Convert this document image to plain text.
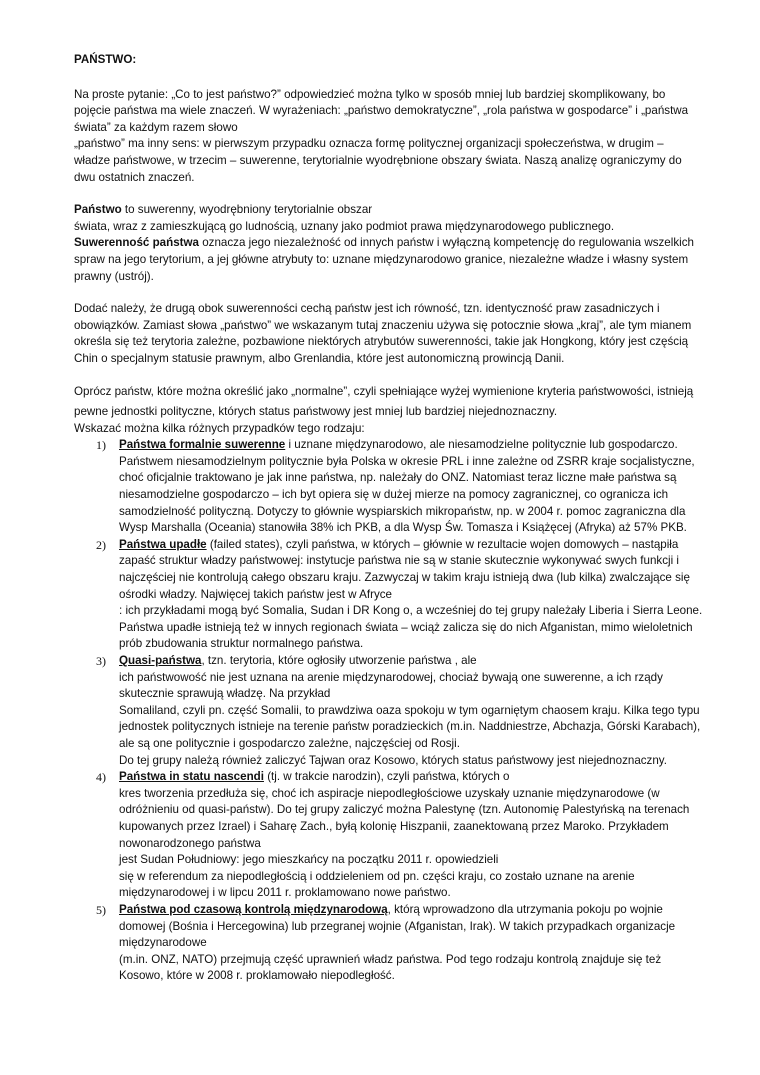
PAŃSTWO:

Na proste pytanie: „Co to jest państwo?” odpowiedzieć można tylko w sposób mniej lub bardziej skomplikowany, bo
pojęcie państwa ma wiele znaczeń. W wyrażeniach: „państwo demokratyczne”, „rola państwa w gospodarce” i „państwa
świata” za każdym razem słowo
„państwo” ma inny sens: w pierwszym przypadku oznacza formę politycznej organizacji społeczeństwa, w drugim –
władze państwowe, w trzecim – suwerenne, terytorialnie wyodrębnione obszary świata. Naszą analizę ograniczymy do
dwu ostatnich znaczeń.
Państwo to suwerenny, wyodrębniony terytorialnie obszar
świata, wraz z zamieszkującą go ludnością, uznany jako podmiot prawa międzynarodowego publicznego.
Suwerenność państwa oznacza jego niezależność od innych państw i wyłączną kompetencję do regulowania wszelkich
spraw na jego terytorium, a jej główne atrybuty to: uznane międzynarodowo granice, niezależne władze i własny system
prawny (ustrój).
Dodać należy, że drugą obok suwerenności cechą państw jest ich równość, tzn. identyczność praw zasadniczych i
obowiązków. Zamiast słowa „państwo” we wskazanym tutaj znaczeniu używa się potocznie słowa „kraj”, ale tym mianem
określa się też terytoria zależne, pozbawione niektórych atrybutów suwerenności, takie jak Hongkong, który jest częścią
Chin o specjalnym statusie prawnym, albo Grenlandia, które jest autonomiczną prowincją Danii.
Oprócz państw, które można określić jako „normalne”, czyli spełniające wyżej wymienione kryteria państwowości, istnieją
pewne jednostki polityczne, których status państwowy jest mniej lub bardziej niejednoznaczny.
Wskazać można kilka różnych przypadków tego rodzaju:
1) Państwa formalnie suwerenne i uznane międzynarodowo, ale niesamodzielne politycznie lub gospodarczo.
Państwem niesamodzielnym politycznie była Polska w okresie PRL i inne zależne od ZSRR kraje socjalistyczne,
choć oficjalnie traktowano je jak inne państwa, np. należały do ONZ. Natomiast teraz liczne małe państwa są
niesamodzielne gospodarczo – ich byt opiera się w dużej mierze na pomocy zagranicznej, co ogranicza ich
samodzielność polityczną. Dotyczy to głównie wyspiarskich mikropaństw, np. w 2004 r. pomoc zagraniczna dla
Wysp Marshalla (Oceania) stanowiła 38% ich PKB, a dla Wysp Św. Tomasza i Książęcej (Afryka) aż 57% PKB.
2) Państwa upadłe (failed states), czyli państwa, w których – głównie w rezultacie wojen domowych – nastąpiła
zapaść struktur władzy państwowej: instytucje państwa nie są w stanie skutecznie wykonywać swych funkcji i
najczęściej nie kontrolują całego obszaru kraju. Zazwyczaj w takim kraju istnieją dwa (lub kilka) zwalczające się
ośrodki władzy. Najwięcej takich państw jest w Afryce
: ich przykładami mogą być Somalia, Sudan i DR Kong o, a wcześniej do tej grupy należały Liberia i Sierra Leone.
Państwa upadłe istnieją też w innych regionach świata – wciąż zalicza się do nich Afganistan, mimo wieloletnich
prób zbudowania struktur normalnego państwa.
3) Quasi-państwa, tzn. terytoria, które ogłosiły utworzenie państwa , ale
ich państwowość nie jest uznana na arenie międzynarodowej, chociaż bywają one suwerenne, a ich rządy
skutecznie sprawują władzę. Na przykład
Somaliland, czyli pn. część Somalii, to prawdziwa oaza spokoju w tym ogarniętym chaosem kraju. Kilka tego typu
jednostek politycznych istnieje na terenie państw poradzieckich (m.in. Naddniestrze, Abchazja, Górski Karabach),
ale są one politycznie i gospodarczo zależne, najczęściej od Rosji.
Do tej grupy należą również zaliczyć Tajwan oraz Kosowo, których status państwowy jest niejednoznaczny.
4) Państwa in statu nascendi (tj. w trakcie narodzin), czyli państwa, których o
kres tworzenia przedłuża się, choć ich aspiracje niepodległościowe uzyskały uznanie międzynarodowe (w
odróżnieniu od quasi-państw). Do tej grupy zaliczyć można Palestynę (tzn. Autonomię Palestyńską na terenach
kupowanych przez Izrael) i Saharę Zach., byłą kolonię Hiszpanii, zaanektowaną przez Maroko. Przykładem
nowonarodzonego państwa
jest Sudan Południowy: jego mieszkańcy na początku 2011 r. opowiedzieli
się w referendum za niepodległością i oddzieleniem od pn. części kraju, co zostało uznane na arenie
międzynarodowej i w lipcu 2011 r. proklamowano nowe państwo.
5) Państwa pod czasową kontrolą międzynarodową, którą wprowadzono dla utrzymania pokoju po wojnie
domowej (Bośnia i Hercegowina) lub przegranej wojnie (Afganistan, Irak). W takich przypadkach organizacje
międzynarodowe
(m.in. ONZ, NATO) przejmują część uprawnień władz państwa. Pod tego rodzaju kontrolą znajduje się też
Kosowo, które w 2008 r. proklamowało niepodległość.
